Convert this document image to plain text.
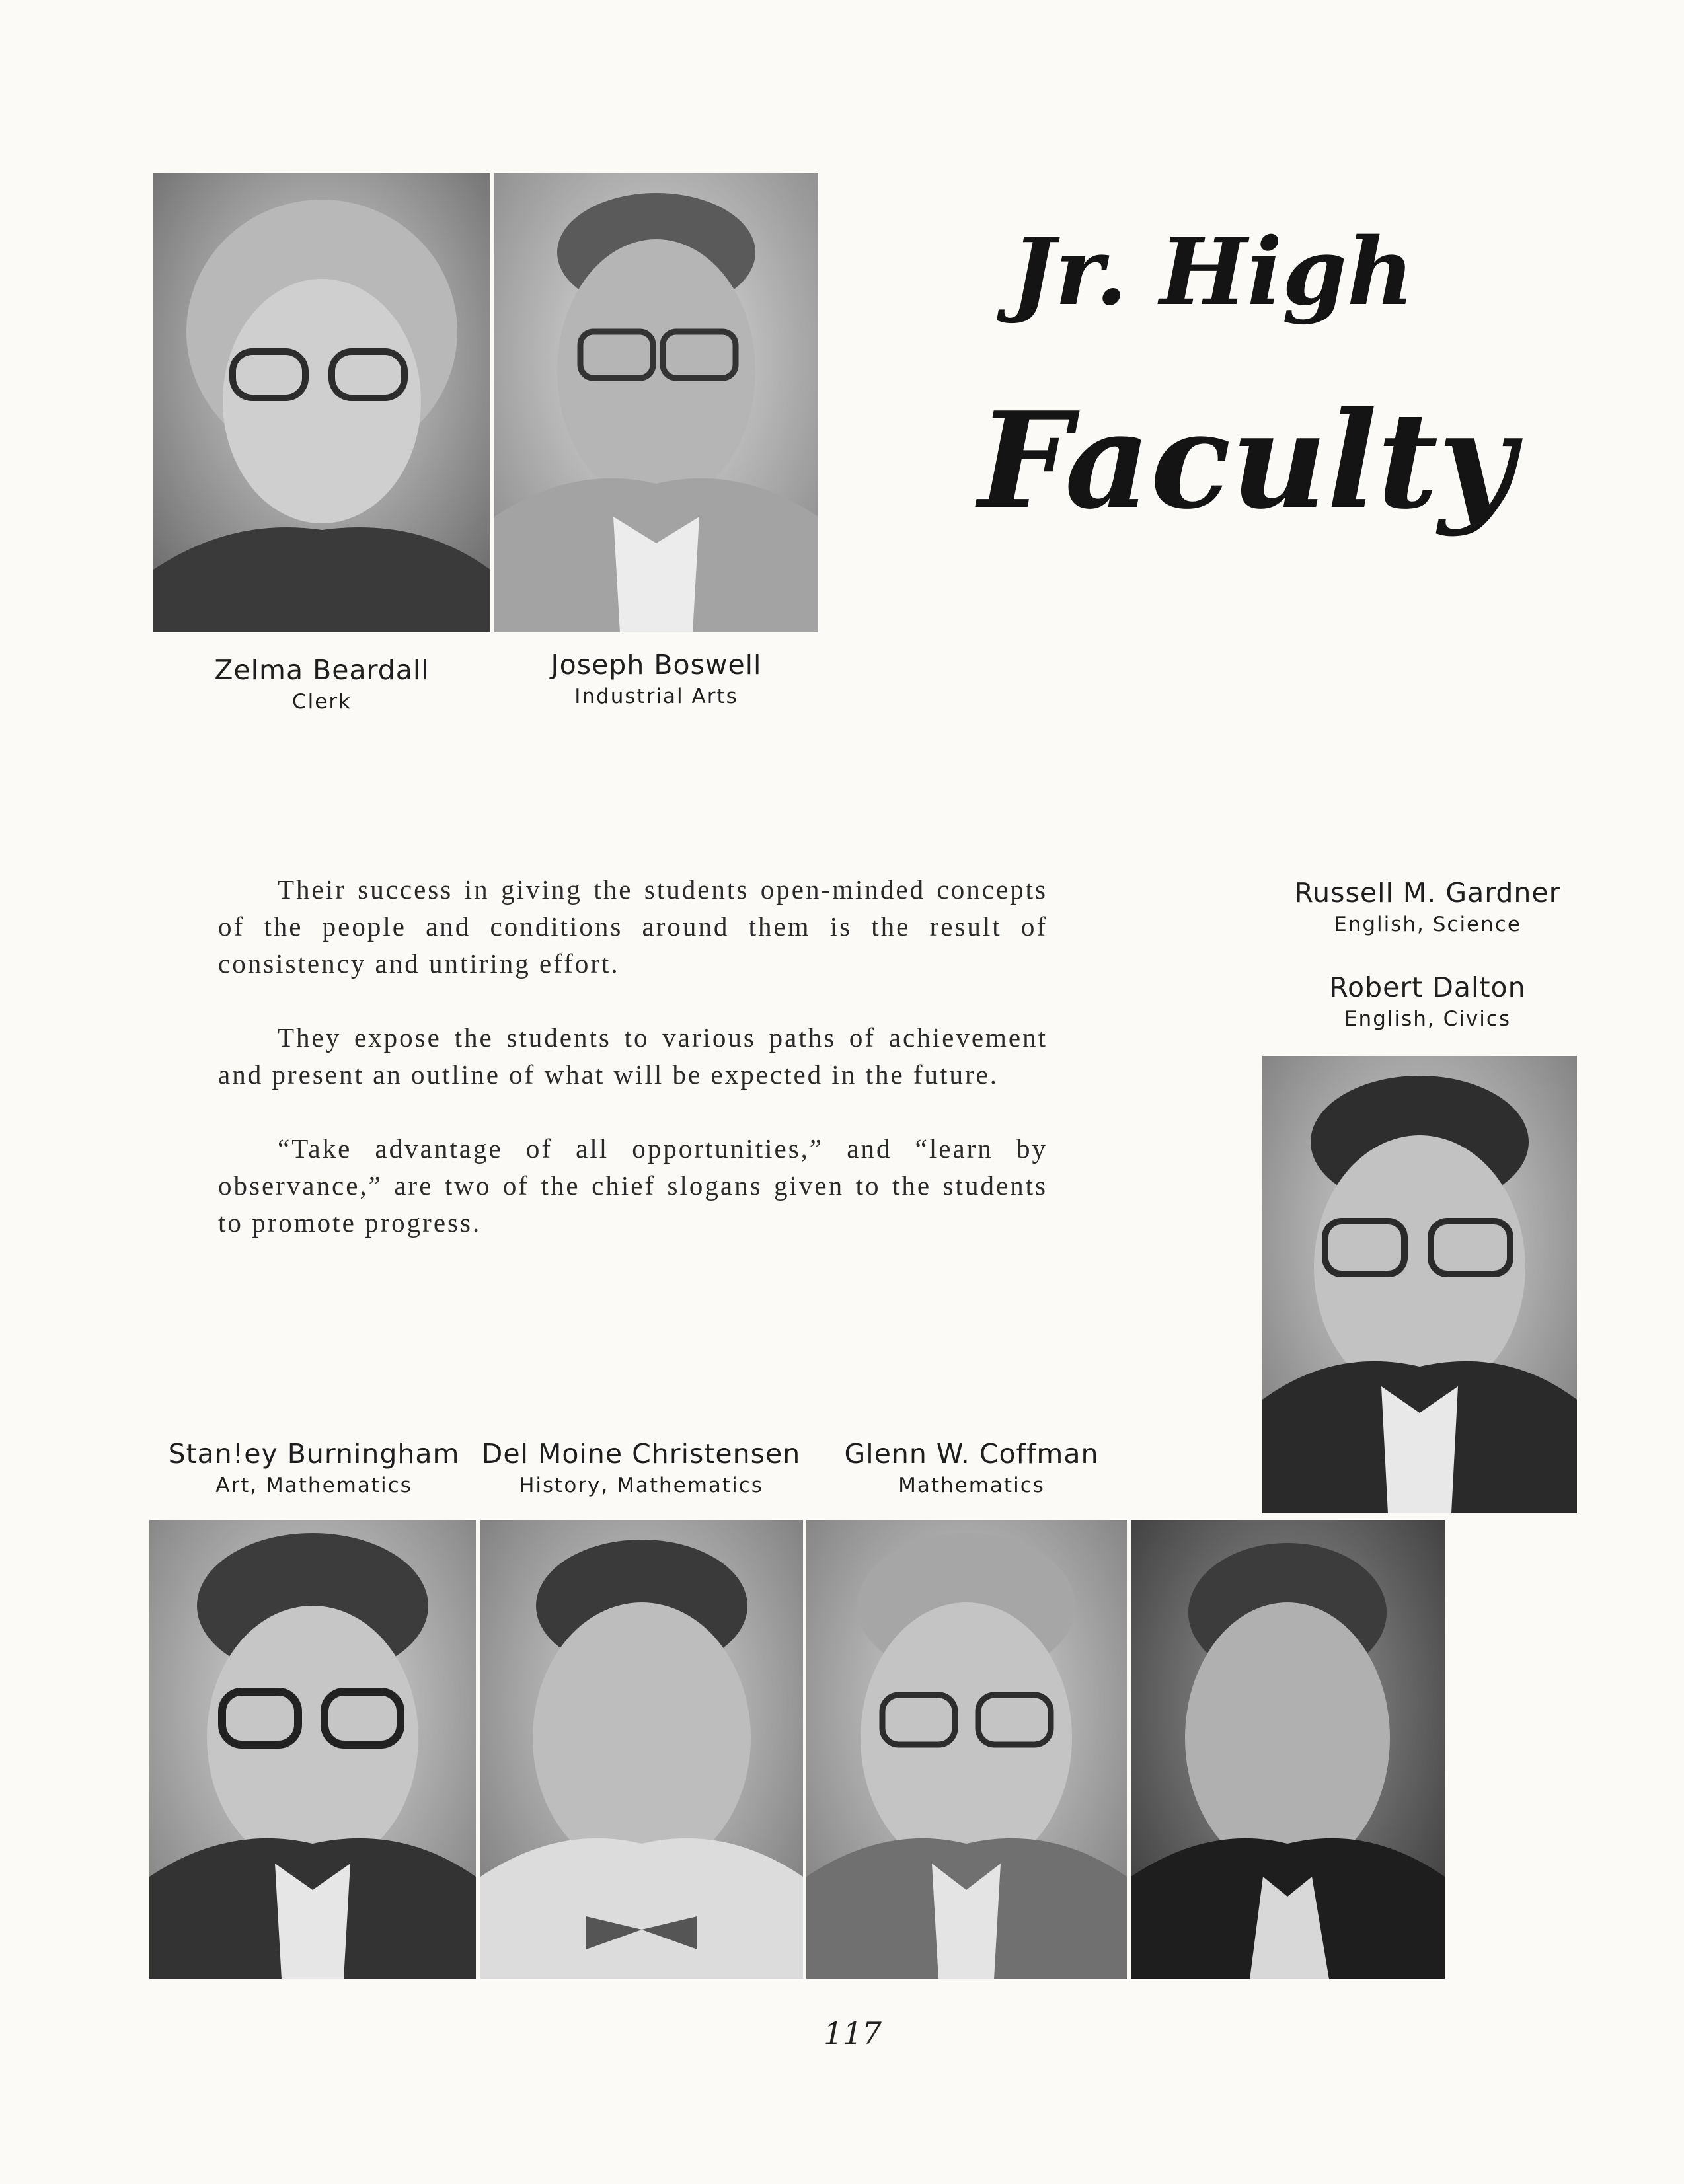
Zelma Beardall
Clerk
Joseph Boswell
Industrial Arts
Jr. High
Faculty

Their success in giving the students open-minded concepts of the people and conditions around them is the result of consistency and untiring effort.

They expose the students to various paths of achievement and present an outline of what will be expected in the future.

“Take advantage of all opportunities,” and “learn by observance,” are two of the chief slogans given to the students to promote progress.

Russell M. Gardner
English, Science
Robert Dalton
English, Civics
Stan!ey Burningham
Art, Mathematics
Del Moine Christensen
History, Mathematics
Glenn W. Coffman
Mathematics
117
